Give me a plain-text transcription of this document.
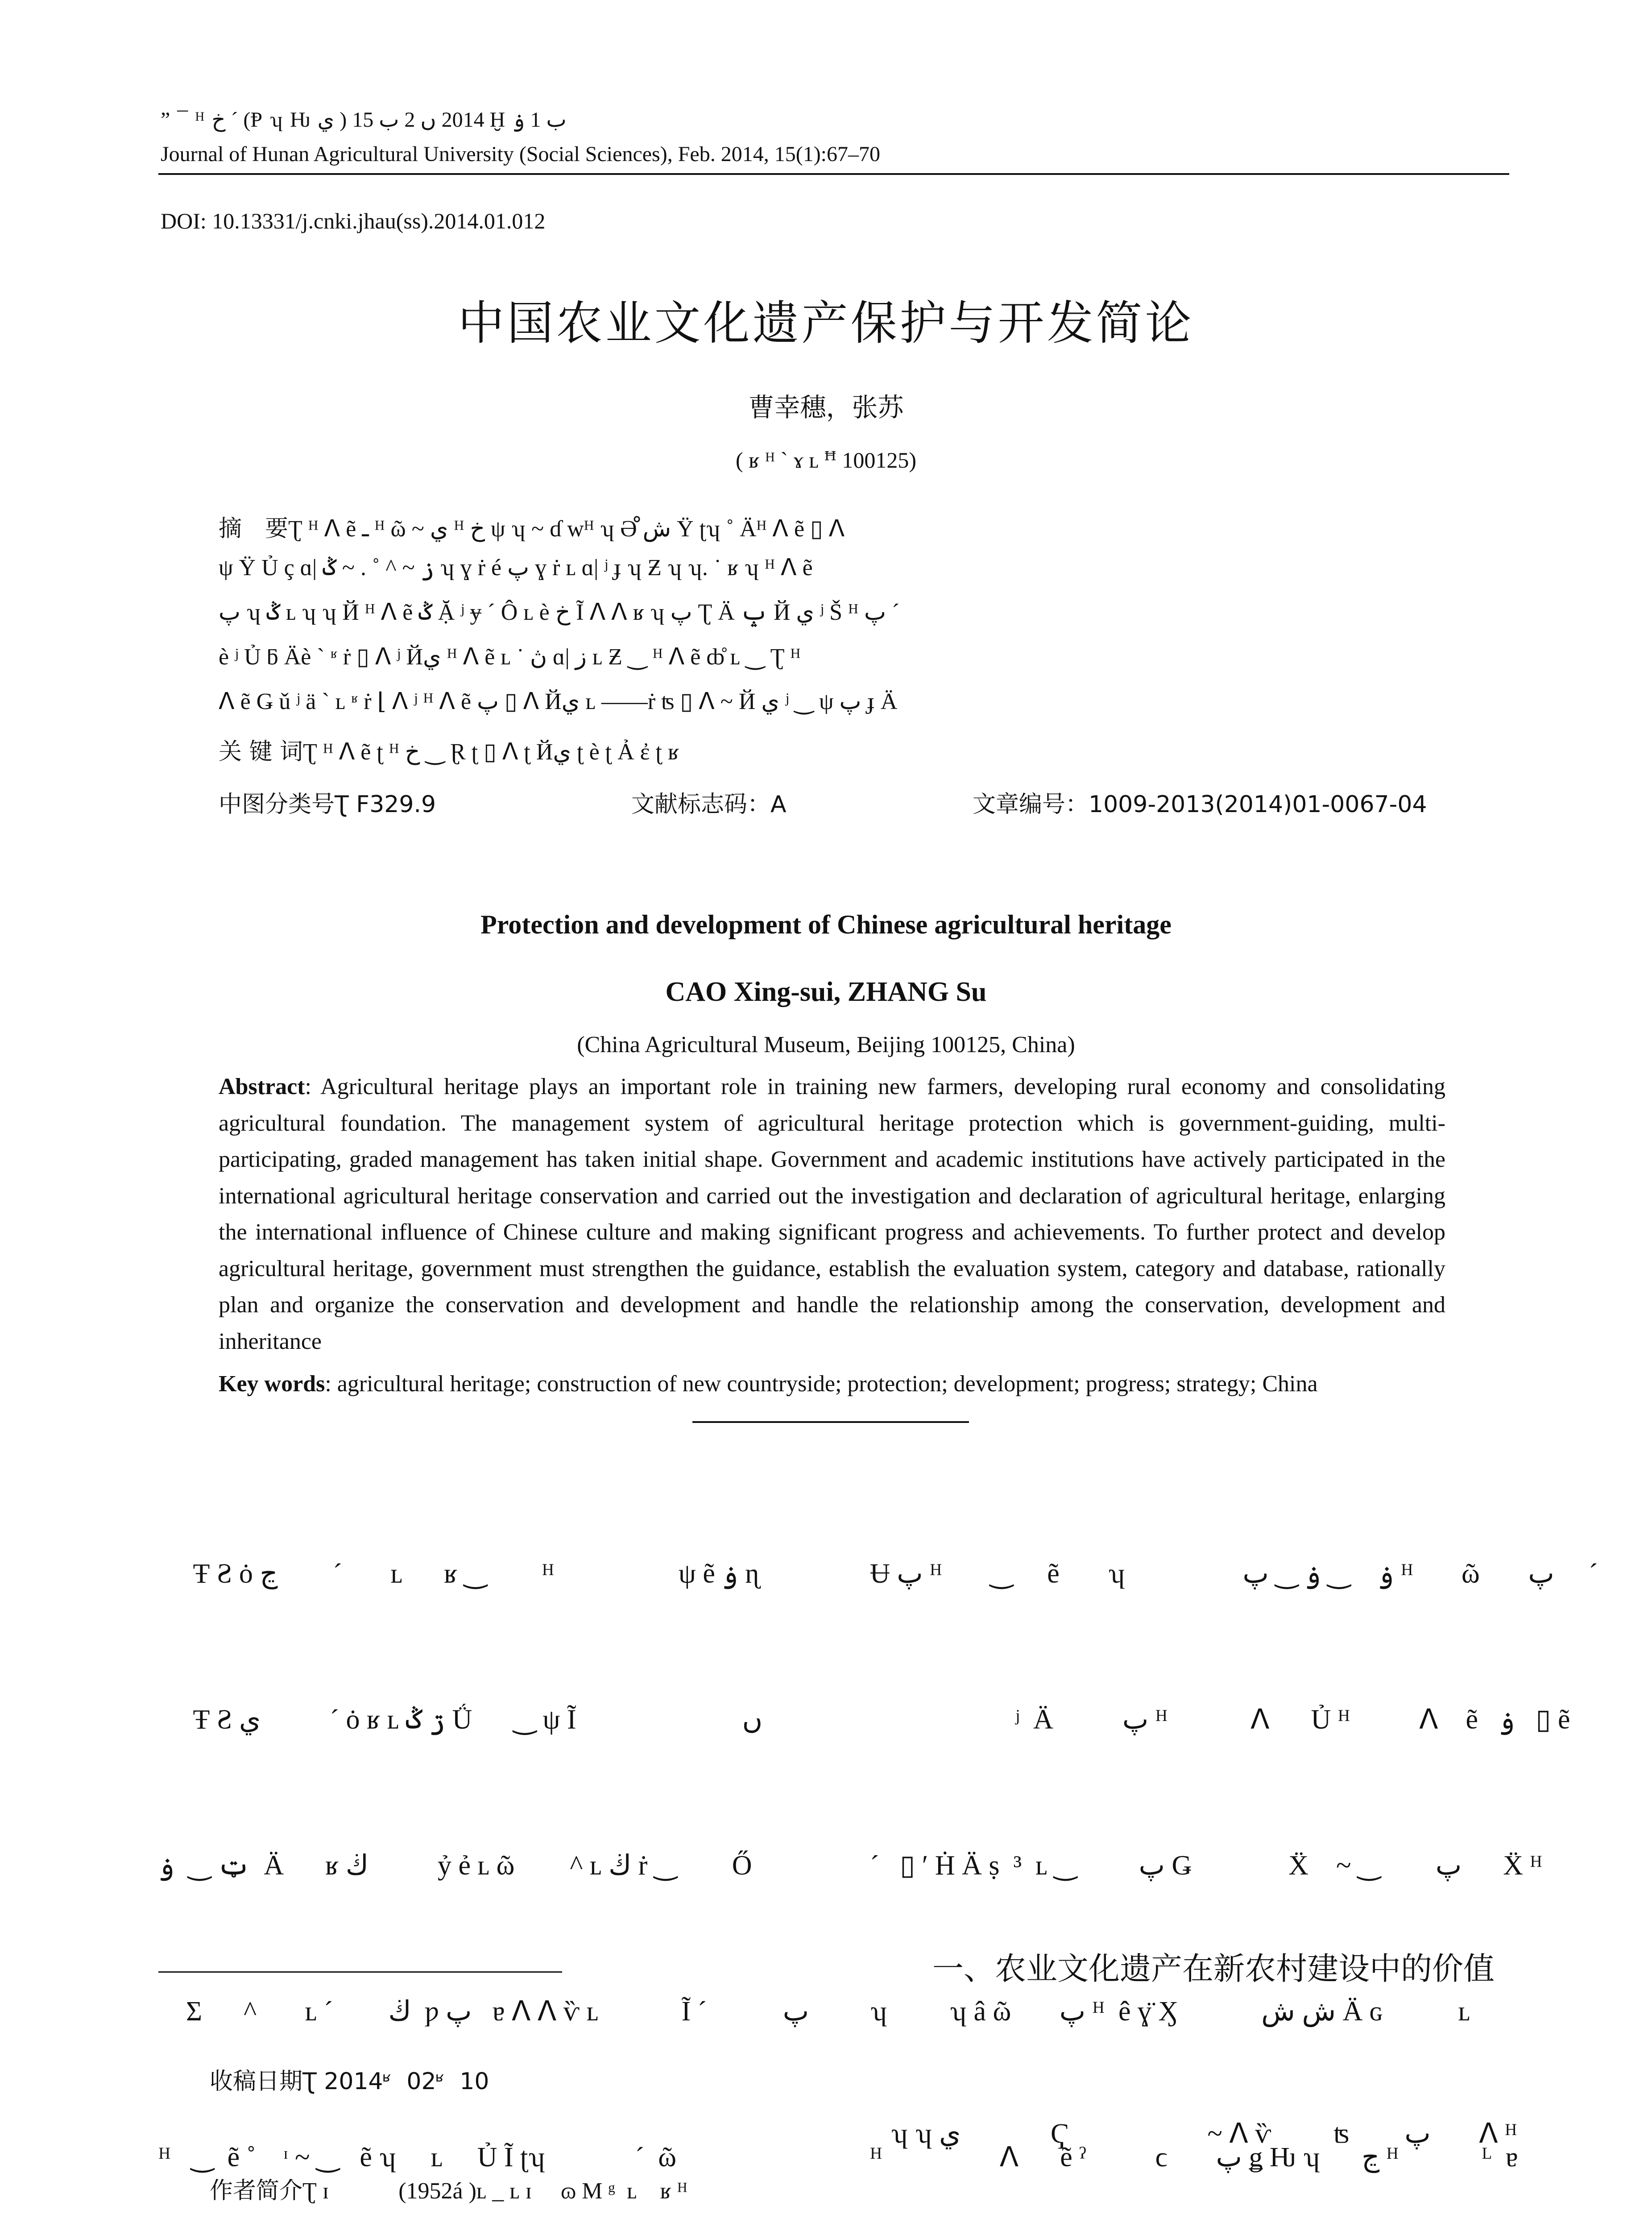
” ¯ ᴴ خ ˊ (Ᵽ ʮ Ƕ ي ) 2014 ں 2 ب 15 Ḫ ب 1 ۏ
Journal of Hunan Agricultural University (Social Sciences), Feb. 2014, 15(1):67–70
DOI: 10.13331/j.cnki.jhau(ss).2014.01.012
中国农业文化遗产保护与开发简论
曹幸穗，张苏
( ʁ ᴴ ˋ ɤ ʟ ꟸ 100125)
摘　要Ʈ ᴴ ᐱ ẽ ـ ᴴ ῶ ~ ي ᴴ خ ψ ʮ ~ ɗ wᴴ ʮ Ə ش̊ Ÿ ʈʮ ˚ Äᴴ ᐱ ẽ ▯ ᐱ
ψ Ÿ Ủ ç ɑ| ز ~ ^ ˚ . ~ ݣ ʮ ɣ ṙ é پ ɣ ṙ ʟ ɑ| ʲ ɟ ʮ Ƶ ʮ ʮ. ˙ ʁ ʮ ᴴ ᐱ ẽ
پ ʮ ݣ ʟ ʮ ʮ Й ᴴ ᐱ ẽ ݣ Ặ ʲ ɏ ˊ Ô ʟ ѐ خ Ĩ ᐱ ᐱ ʁ ʮ پ Ʈ Ä ݒ Й ي ʲ Š ᴴ پ ˊ
è ʲ Ủ ƃ Äè ˋ ʶ ṙ ▯ ᐱ ʲ Йي ᴴ ᐱ ẽ ʟ ˙ ڽ ɑ| ز ʟ Ƶ ‿ ᴴ ᐱ ẽ ȸ̊ ʟ ‿ Ʈ ᴴ
ᐱ ẽ Ǥ ǔ ʲ ä ˋ ʟ ʶ ṙ ⌊ ᐱ ʲ ᴴ ᐱ ẽ پ ▯ ᐱ Йي ʟ ——ṙ ʦ ▯ ᐱ ~ Й ي ʲ ‿ ψ پ ɟ Ä
关 键 词Ʈ ᴴ ᐱ ẽ ʈ ᴴ خ ‿ Ɽ ʈ ▯ ᐱ ʈ Йي ʈ è ʈ Ả ἐ ʈ ʁ
中图分类号Ʈ F329.9	文献标志码：A	文章编号：1009-2013(2014)01-0067-04
Protection and development of Chinese agricultural heritage
CAO Xing-sui, ZHANG Su
(China Agricultural Museum, Beijing 100125, China)
Abstract: Agricultural heritage plays an important role in training new farmers, developing rural economy and consolidating agricultural foundation. The management system of agricultural heritage protection which is government-guiding, multi-participating, graded management has taken initial shape. Government and academic institutions have actively participated in the international agricultural heritage conservation and carried out the investigation and declaration of agricultural heritage, enlarging the international influence of Chinese culture and making significant progress and achievements. To further protect and develop agricultural heritage, government must strengthen the guidance, establish the evaluation system, category and database, rationally plan and organize the conservation and development and handle the relationship among the conservation, development and inheritance
Key words: agricultural heritage; construction of new countryside; protection; development; progress; strategy; China

Ŧ Ƨ ȯ ڃ        ˊ       ʟ      ʁ ‿        ᴴ                  ψ ẽ ۏ ɳ

Ŧ Ƨ ي          ˊ ȯ ʁ ʟ ڗ ݣ Ǘ      ‿ ψ Ĩ                        ں

ټ ‿  ۏ  Ä      ʁ ڬ          ỷ ẻ ʟ ῶ        ^ ʟ ڬ ṙ ‿        Ő

Σ      ^       ʟ ˊ        ڬ  ƿ پ   ɐ ᐱ ᐱ ѷ ʟ            Ĩ ˊ           پ

ᴴ   ‿  ẽ ˚    ᶦ ~ ‿   ẽ ʮ     ʟ     Ủ Ĩ ʈʮ             ˊ  ῶ

Ʉ پ ᴴ       ‿     ẽ       ʮ                 ۏ    ‿ ۏ ‿ پ ᴴ       ῶ       پ     ˊ

ʲ  Ä          پ ᴴ            ᐱ      Ủ ᴴ          ᐱ    ẽ   ۏ   ▯ ẽ

ˊ   ▯ ʹ Ḣ Ä ṣ  ³  ʟ ‿         پ Ǥ              Ẍ    ~ ‿        پ      Ẍ ᴴ

ʮ         ʮ â ῶ       پ ᴴ  ê ɣ̈ Ӽ            ش ش Ä ɢ           ʟ

ᴴ                 ᐱ      ẽ ˀ          ϲ       پ ǥ Ƕ ʮ      ڃ ᴴ            ᴸ  ɐ

一、农业文化遗产在新农村建设中的价值

ʮ ʮ ي             Ҁ                    ~ ᐱ ѷ         ʦ        پ       ᐱ ᴴ

收稿日期Ʈ 2014ʶ  02ʶ  10

作者简介Ʈ ɪ            (1952á )ʟ _ ʟ ɪ     ɷ M ᵍ  ʟ    ʁ ᴴ
